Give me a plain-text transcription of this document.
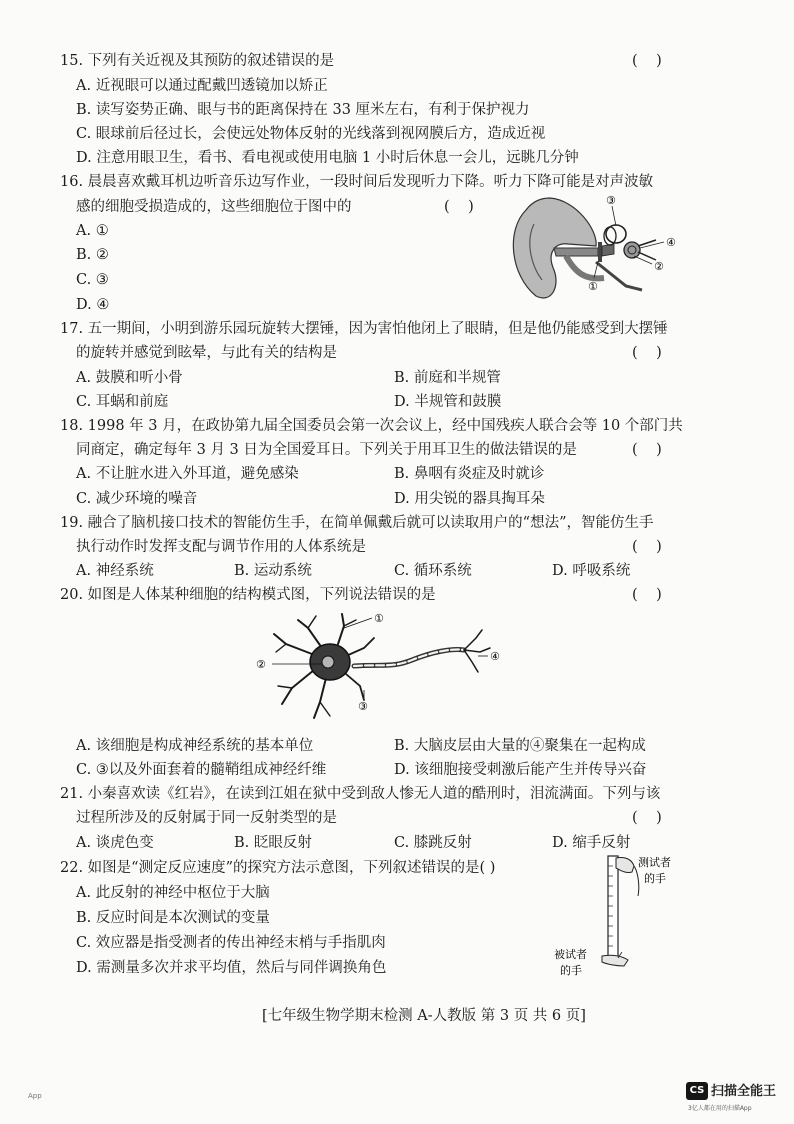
15. 下列有关近视及其预防的叙述错误的是	(    )
A. 近视眼可以通过配戴凹透镜加以矫正
B. 读写姿势正确、眼与书的距离保持在 33 厘米左右，有利于保护视力
C. 眼球前后径过长，会使远处物体反射的光线落到视网膜后方，造成近视
D. 注意用眼卫生，看书、看电视或使用电脑 1 小时后休息一会儿，远眺几分钟
16. 晨晨喜欢戴耳机边听音乐边写作业，一段时间后发现听力下降。听力下降可能是对声波敏
感的细胞受损造成的，这些细胞位于图中的	(    )
A. ①
B. ②
C. ③
D. ④
③
④
②
①
17. 五一期间，小明到游乐园玩旋转大摆锤，因为害怕他闭上了眼睛，但是他仍能感受到大摆锤
的旋转并感觉到眩晕，与此有关的结构是	(    )
A. 鼓膜和听小骨	B. 前庭和半规管
C. 耳蜗和前庭	D. 半规管和鼓膜
18. 1998 年 3 月，在政协第九届全国委员会第一次会议上，经中国残疾人联合会等 10 个部门共
同商定，确定每年 3 月 3 日为全国爱耳日。下列关于用耳卫生的做法错误的是	(    )
A. 不让脏水进入外耳道，避免感染	B. 鼻咽有炎症及时就诊
C. 减少环境的噪音	D. 用尖锐的器具掏耳朵
19. 融合了脑机接口技术的智能仿生手，在简单佩戴后就可以读取用户的“想法”，智能仿生手
执行动作时发挥支配与调节作用的人体系统是	(    )
A. 神经系统	B. 运动系统	C. 循环系统	D. 呼吸系统
20. 如图是人体某种细胞的结构模式图，下列说法错误的是	(    )
①
②
③
④
A. 该细胞是构成神经系统的基本单位	B. 大脑皮层由大量的④聚集在一起构成
C. ③以及外面套着的髓鞘组成神经纤维	D. 该细胞接受刺激后能产生并传导兴奋
21. 小秦喜欢读《红岩》，在读到江姐在狱中受到敌人惨无人道的酷刑时，泪流满面。下列与该
过程所涉及的反射属于同一反射类型的是	(    )
A. 谈虎色变	B. 眨眼反射	C. 膝跳反射	D. 缩手反射
22. 如图是“测定反应速度”的探究方法示意图，下列叙述错误的是( )
A. 此反射的神经中枢位于大脑
B. 反应时间是本次测试的变量
C. 效应器是指受测者的传出神经末梢与手指肌肉
D. 需测量多次并求平均值，然后与同伴调换角色
测试者
的手
被试者
的手
[七年级生物学期末检测 A-人教版 第 3 页 共 6 页]
App	CS 扫描全能王
3亿人都在用的扫描App
